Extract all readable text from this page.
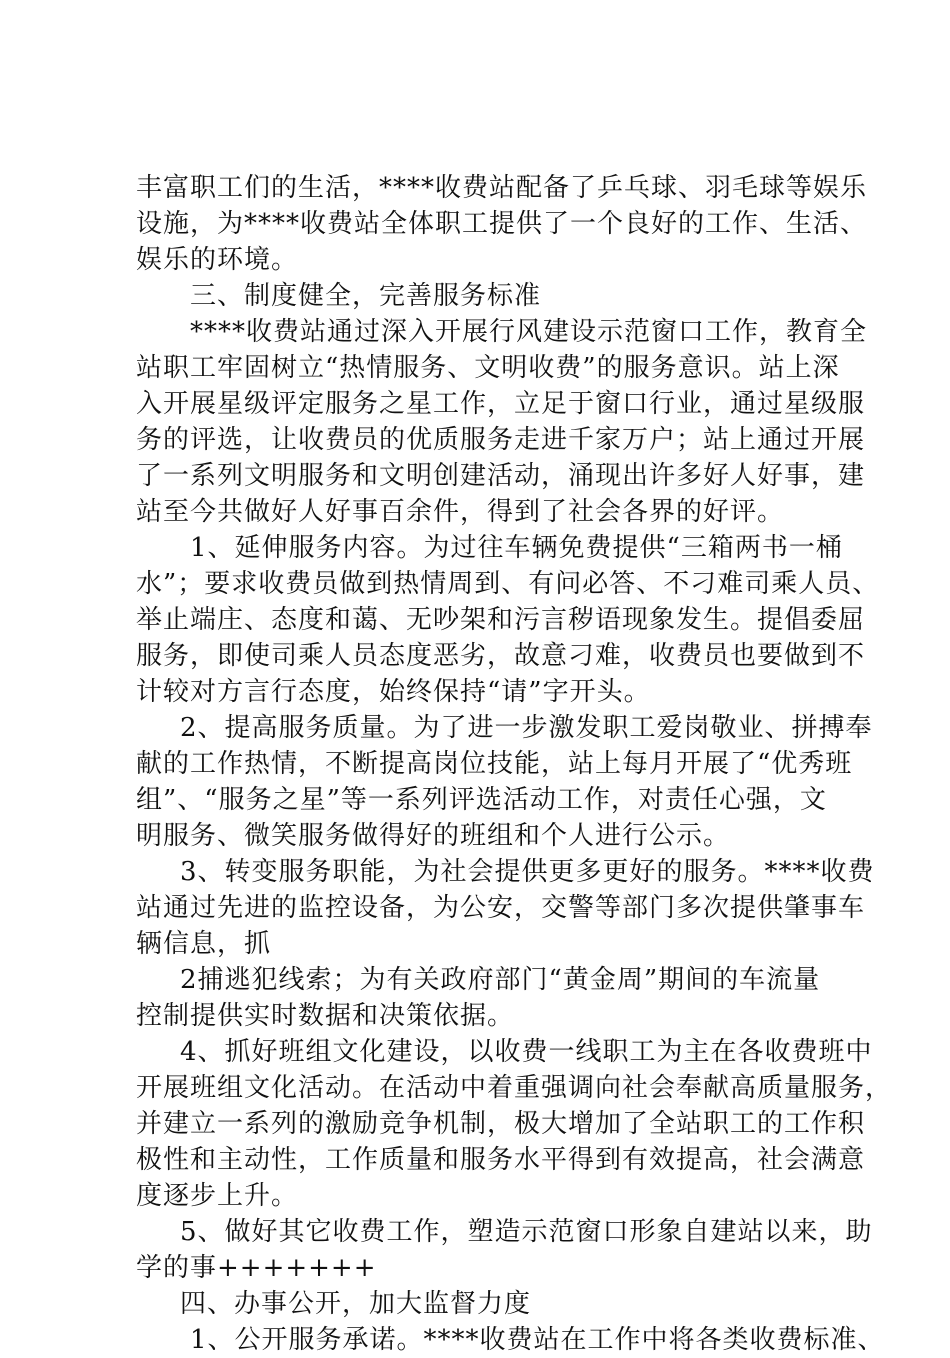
丰富职工们的生活，****收费站配备了乒乓球、羽毛球等娱乐
设施，为****收费站全体职工提供了一个良好的工作、生活、
娱乐的环境。
三、制度健全，完善服务标准
****收费站通过深入开展行风建设示范窗口工作，教育全
站职工牢固树立“热情服务、文明收费”的服务意识。站上深
入开展星级评定服务之星工作，立足于窗口行业，通过星级服
务的评选，让收费员的优质服务走进千家万户；站上通过开展
了一系列文明服务和文明创建活动，涌现出许多好人好事，建
站至今共做好人好事百余件，得到了社会各界的好评。
1、延伸服务内容。为过往车辆免费提供“三箱两书一桶
水”；要求收费员做到热情周到、有问必答、不刁难司乘人员、
举止端庄、态度和蔼、无吵架和污言秽语现象发生。提倡委屈
服务，即使司乘人员态度恶劣，故意刁难，收费员也要做到不
计较对方言行态度，始终保持“请”字开头。
2、提高服务质量。为了进一步激发职工爱岗敬业、拼搏奉
献的工作热情，不断提高岗位技能，站上每月开展了“优秀班
组”、“服务之星”等一系列评选活动工作，对责任心强，文
明服务、微笑服务做得好的班组和个人进行公示。
3、转变服务职能，为社会提供更多更好的服务。****收费
站通过先进的监控设备，为公安，交警等部门多次提供肇事车
辆信息，抓
2捕逃犯线索；为有关政府部门“黄金周”期间的车流量
控制提供实时数据和决策依据。
4、抓好班组文化建设，以收费一线职工为主在各收费班中
开展班组文化活动。在活动中着重强调向社会奉献高质量服务，
并建立一系列的激励竞争机制，极大增加了全站职工的工作积
极性和主动性，工作质量和服务水平得到有效提高，社会满意
度逐步上升。
5、做好其它收费工作，塑造示范窗口形象自建站以来，助
学的事+++++++
四、办事公开，加大监督力度
1、公开服务承诺。****收费站在工作中将各类收费标准、
